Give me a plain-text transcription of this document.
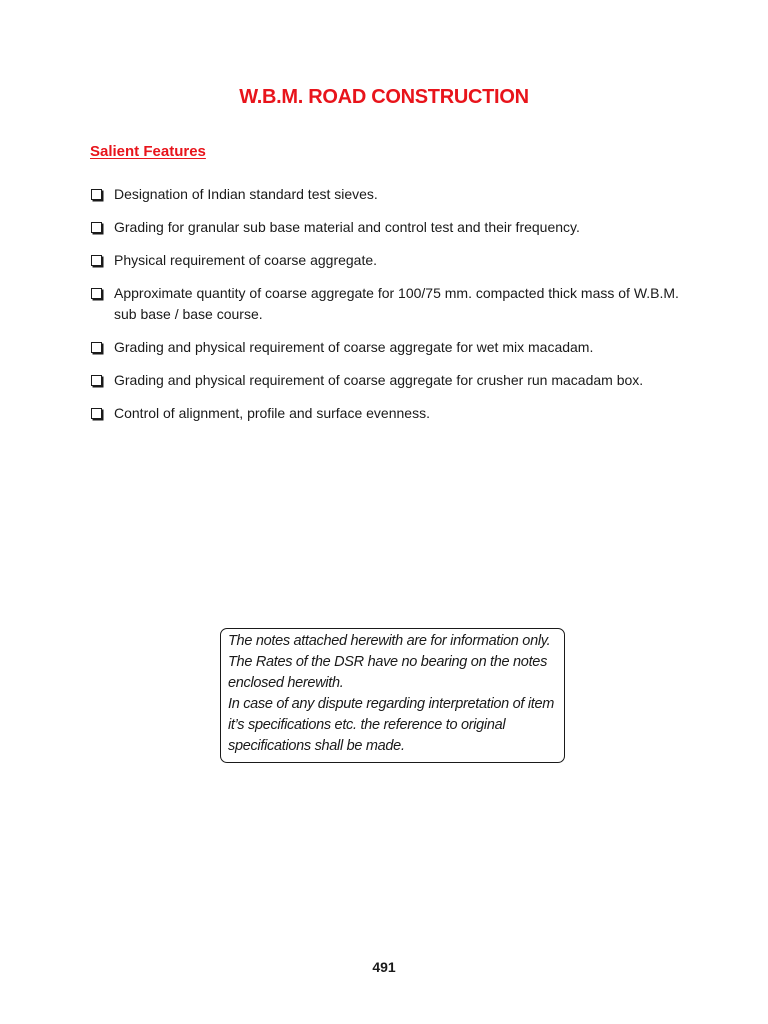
W.B.M. ROAD CONSTRUCTION
Salient Features
Designation of Indian standard test sieves.
Grading for granular sub base material and control test and their frequency.
Physical requirement of coarse aggregate.
Approximate quantity of coarse aggregate for 100/75 mm. compacted thick mass of W.B.M. sub base / base course.
Grading and physical requirement of coarse aggregate for wet mix macadam.
Grading and physical requirement of coarse aggregate for crusher run macadam box.
Control of alignment, profile and surface evenness.

The notes attached herewith are for information only. The Rates of the DSR have no bearing on the notes enclosed herewith.

In case of any dispute regarding interpretation of item it’s specifications etc. the reference to original specifications shall be made.

491
